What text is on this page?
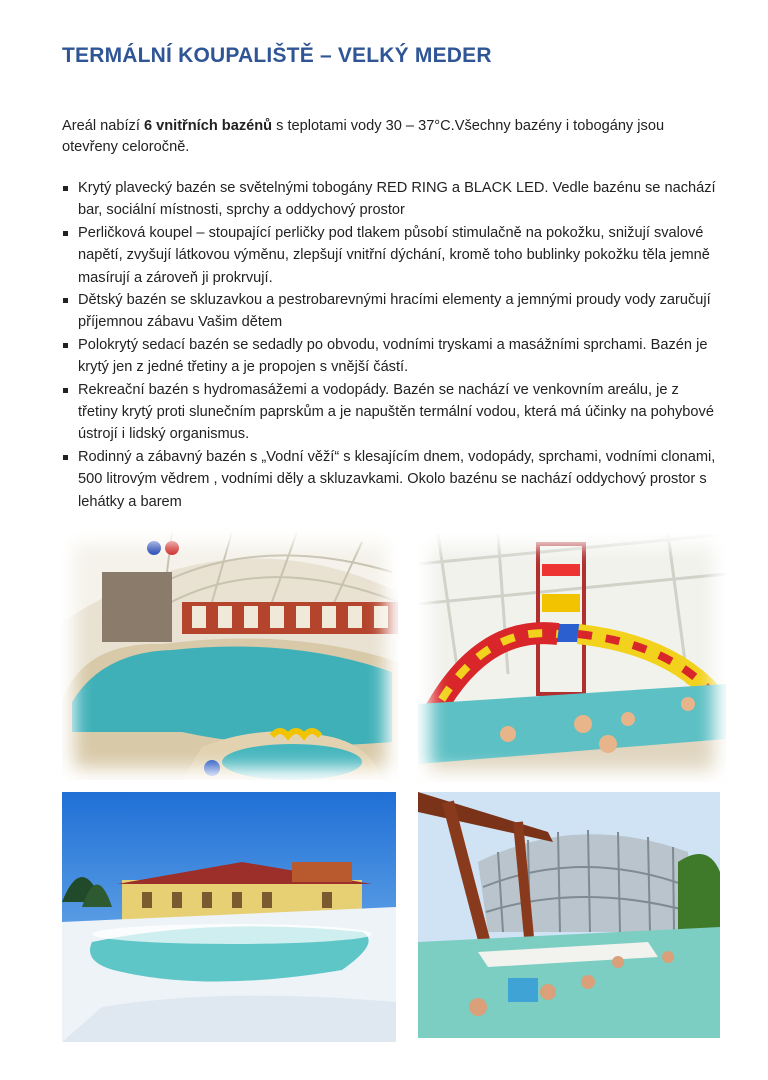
TERMÁLNÍ KOUPALIŠTĚ – VELKÝ MEDER

Areál nabízí 6 vnitřních bazénů s teplotami vody 30 – 37°C.Všechny bazény i tobogány jsou otevřeny celoročně.

Krytý plavecký bazén se světelnými tobogány RED RING a BLACK LED. Vedle bazénu se nachází bar, sociální místnosti, sprchy a oddychový prostor
Perličková koupel – stoupající perličky pod tlakem působí stimulačně na pokožku, snižují svalové napětí, zvyšují látkovou výměnu, zlepšují vnitřní dýchání, kromě toho bublinky pokožku těla jemně masírují a zároveň ji prokrvují.
Dětský bazén se skluzavkou a pestrobarevnými hracími elementy a jemnými proudy vody zaručují příjemnou zábavu Vašim dětem
Polokrytý sedací bazén se sedadly po obvodu, vodními tryskami a masážními sprchami. Bazén je krytý jen z jedné třetiny a je propojen s vnější částí.
Rekreační bazén s hydromasážemi a vodopády. Bazén se nachází ve venkovním areálu, je z třetiny krytý proti slunečním paprskům a je napuštěn termální vodou, která má účinky na pohybové ústrojí i lidský organismus.
Rodinný a zábavný bazén s „Vodní věží“ s klesajícím dnem, vodopády, sprchami, vodními clonami, 500 litrovým vědrem , vodními děly a skluzavkami. Okolo bazénu se nachází oddychový prostor s lehátky a barem
